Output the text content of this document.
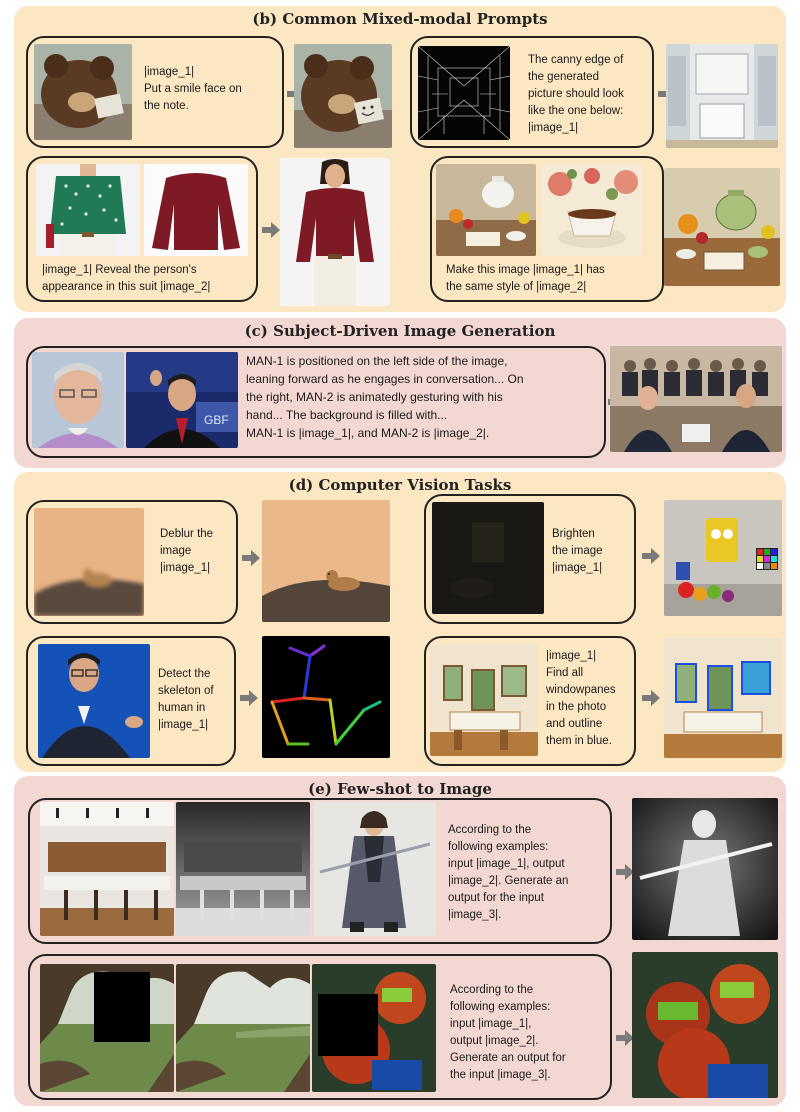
(b) Common Mixed-modal Prompts
|image_1|
Put a smile face on
the note.
The canny edge of
the generated
picture should look
like the one below:
|image_1|
|image_1| Reveal the person's
appearance in this suit |image_2|
Make this image |image_1| has
the same style of |image_2|
(c) Subject-Driven Image Generation
GBF
MAN-1 is positioned on the left side of the image,
leaning forward as he engages in conversation... On
the right, MAN-2 is animatedly gesturing with his
hand... The background is filled with...
MAN-1 is |image_1|, and MAN-2 is |image_2|.
(d) Computer Vision Tasks
Deblur the
image
|image_1|
Brighten
the image
|image_1|
Detect the
skeleton of
human in
|image_1|
|image_1|
Find all
windowpanes
in the photo
and outline
them in blue.
(e) Few-shot to Image
According to the
following examples:
input |image_1|, output
|image_2|. Generate an
output for the input
|image_3|.
According to the
following examples:
input |image_1|,
output |image_2|.
Generate an output for
the input |image_3|.
